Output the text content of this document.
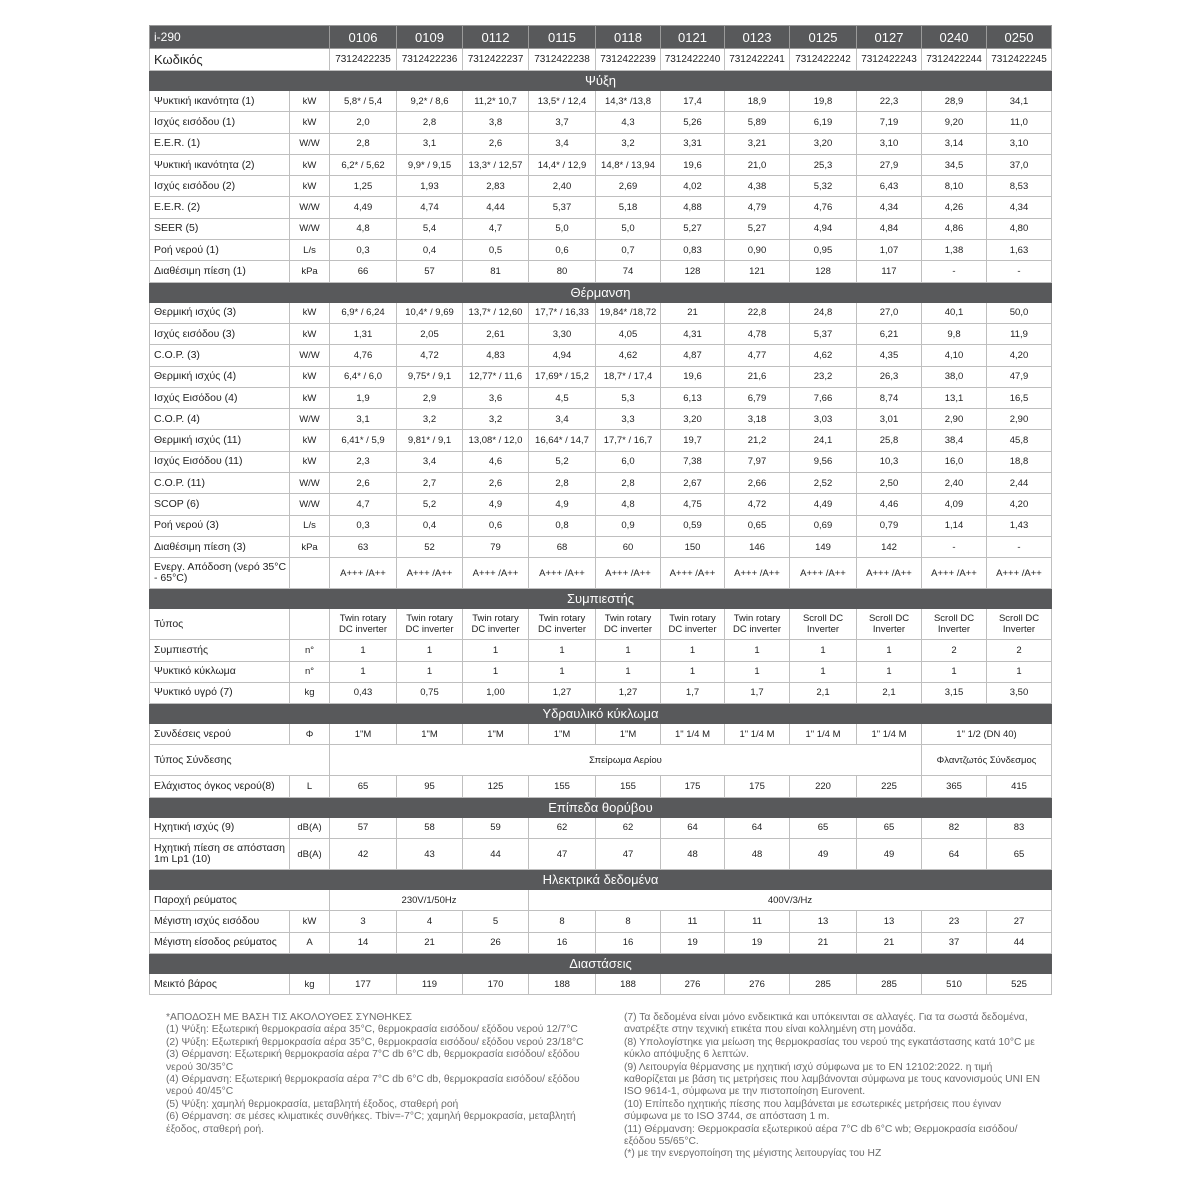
i-290		0106	0109	0112	0115	0118	0121	0123	0125	0127	0240	0250
Κωδικός		7312422235	7312422236	7312422237	7312422238	7312422239	7312422240	7312422241	7312422242	7312422243	7312422244	7312422245
Ψύξη												
Ψυκτική ικανότητα (1)	kW	5,8* / 5,4	9,2* / 8,6	11,2* 10,7	13,5* / 12,4	14,3* /13,8	17,4	18,9	19,8	22,3	28,9	34,1
Ισχύς εισόδου (1)	kW	2,0	2,8	3,8	3,7	4,3	5,26	5,89	6,19	7,19	9,20	11,0
E.E.R. (1)	W/W	2,8	3,1	2,6	3,4	3,2	3,31	3,21	3,20	3,10	3,14	3,10
Ψυκτική ικανότητα (2)	kW	6,2* / 5,62	9,9* / 9,15	13,3* / 12,57	14,4* / 12,9	14,8* / 13,94	19,6	21,0	25,3	27,9	34,5	37,0
Ισχύς εισόδου (2)	kW	1,25	1,93	2,83	2,40	2,69	4,02	4,38	5,32	6,43	8,10	8,53
E.E.R. (2)	W/W	4,49	4,74	4,44	5,37	5,18	4,88	4,79	4,76	4,34	4,26	4,34
SEER (5)	W/W	4,8	5,4	4,7	5,0	5,0	5,27	5,27	4,94	4,84	4,86	4,80
Ροή νερού (1)	L/s	0,3	0,4	0,5	0,6	0,7	0,83	0,90	0,95	1,07	1,38	1,63
Διαθέσιμη πίεση (1)	kPa	66	57	81	80	74	128	121	128	117	-	-
Θέρμανση												
Θερμική ισχύς (3)	kW	6,9* / 6,24	10,4* / 9,69	13,7* / 12,60	17,7* / 16,33	19,84* /18,72	21	22,8	24,8	27,0	40,1	50,0
Ισχύς εισόδου (3)	kW	1,31	2,05	2,61	3,30	4,05	4,31	4,78	5,37	6,21	9,8	11,9
C.O.P. (3)	W/W	4,76	4,72	4,83	4,94	4,62	4,87	4,77	4,62	4,35	4,10	4,20
Θερμική ισχύς (4)	kW	6,4* / 6,0	9,75* / 9,1	12,77* / 11,6	17,69* / 15,2	18,7* / 17,4	19,6	21,6	23,2	26,3	38,0	47,9
Ισχύς Εισόδου (4)	kW	1,9	2,9	3,6	4,5	5,3	6,13	6,79	7,66	8,74	13,1	16,5
C.O.P. (4)	W/W	3,1	3,2	3,2	3,4	3,3	3,20	3,18	3,03	3,01	2,90	2,90
Θερμική ισχύς (11)	kW	6,41* / 5,9	9,81* / 9,1	13,08* / 12,0	16,64* / 14,7	17,7* / 16,7	19,7	21,2	24,1	25,8	38,4	45,8
Ισχύς Εισόδου (11)	kW	2,3	3,4	4,6	5,2	6,0	7,38	7,97	9,56	10,3	16,0	18,8
C.O.P. (11)	W/W	2,6	2,7	2,6	2,8	2,8	2,67	2,66	2,52	2,50	2,40	2,44
SCOP (6)	W/W	4,7	5,2	4,9	4,9	4,8	4,75	4,72	4,49	4,46	4,09	4,20
Ροή νερού (3)	L/s	0,3	0,4	0,6	0,8	0,9	0,59	0,65	0,69	0,79	1,14	1,43
Διαθέσιμη πίεση (3)	kPa	63	52	79	68	60	150	146	149	142	-	-
Ενεργ. Απόδοση (νερό 35°C - 65°C)		A+++ /A++	A+++ /A++	A+++ /A++	A+++ /A++	A+++ /A++	A+++ /A++	A+++ /A++	A+++ /A++	A+++ /A++	A+++ /A++	A+++ /A++
Συμπιεστής												
Τύπος		Twin rotary DC inverter	Twin rotary DC inverter	Twin rotary DC inverter	Twin rotary DC inverter	Twin rotary DC inverter	Twin rotary DC inverter	Twin rotary DC inverter	Scroll DC Inverter	Scroll DC Inverter	Scroll DC Inverter	Scroll DC Inverter
Συμπιεστής	n°	1	1	1	1	1	1	1	1	1	2	2
Ψυκτικό κύκλωμα	n°	1	1	1	1	1	1	1	1	1	1	1
Ψυκτικό υγρό (7)	kg	0,43	0,75	1,00	1,27	1,27	1,7	1,7	2,1	2,1	3,15	3,50
Υδραυλικό κύκλωμα												
Συνδέσεις νερού	Φ	1"M	1"M	1"M	1"M	1"M	1" 1/4 M	1" 1/4 M	1" 1/4 M	1" 1/4 M	1" 1/2 (DN 40)	
Τύπος Σύνδεσης		Σπείρωμα Αερίου									Φλαντζωτός Σύνδεσμος	
Ελάχιστος όγκος νερού(8)	L	65	95	125	155	155	175	175	220	225	365	415
Επίπεδα θορύβου												
Ηχητική ισχύς (9)	dB(A)	57	58	59	62	62	64	64	65	65	82	83
Ηχητική πίεση σε απόσταση 1m Lp1 (10)	dB(A)	42	43	44	47	47	48	48	49	49	64	65
Ηλεκτρικά δεδομένα												
Παροχή ρεύματος		230V/1/50Hz			400V/3/Hz							
Μέγιστη ισχύς εισόδου	kW	3	4	5	8	8	11	11	13	13	23	27
Μέγιστη είσοδος ρεύματος	A	14	21	26	16	16	19	19	21	21	37	44
Διαστάσεις												
Μεικτό βάρος	kg	177	119	170	188	188	276	276	285	285	510	525
*ΑΠΟΔΟΣΗ ΜΕ ΒΑΣΗ ΤΙΣ ΑΚΟΛΟΥΘΕΣ ΣΥΝΘΗΚΕΣ
(1) Ψύξη: Εξωτερική θερμοκρασία αέρα 35°C, θερμοκρασία εισόδου/ εξόδου νερού 12/7°C
(2) Ψύξη: Εξωτερική θερμοκρασία αέρα 35°C, θερμοκρασία εισόδου/ εξόδου νερού 23/18°C
(3) Θέρμανση: Εξωτερική θερμοκρασία αέρα 7°C db 6°C db, θερμοκρασία εισόδου/ εξόδου νερού 30/35°C
(4) Θέρμανση: Εξωτερική θερμοκρασία αέρα 7°C db 6°C db, θερμοκρασία εισόδου/ εξόδου νερού 40/45°C
(5) Ψύξη: χαμηλή θερμοκρασία, μεταβλητή έξοδος, σταθερή ροή
(6) Θέρμανση: σε μέσες κλιματικές συνθήκες. Tbiv=-7°C; χαμηλή θερμοκρασία, μεταβλητή έξοδος, σταθερή ροή.
(7) Τα δεδομένα είναι μόνο ενδεικτικά και υπόκεινται σε αλλαγές. Για τα σωστά δεδομένα, ανατρέξτε στην τεχνική ετικέτα που είναι κολλημένη στη μονάδα.
(8) Υπολογίστηκε για μείωση της θερμοκρασίας του νερού της εγκατάστασης κατά 10°C με κύκλο απόψυξης 6 λεπτών.
(9) Λειτουργία θέρμανσης με ηχητική ισχύ σύμφωνα με το EN 12102:2022. η τιμή καθορίζεται με βάση τις μετρήσεις που λαμβάνονται σύμφωνα με τους κανονισμούς UNI EN ISO 9614-1, σύμφωνα με την πιστοποίηση Eurovent.
(10) Επίπεδο ηχητικής πίεσης που λαμβάνεται με εσωτερικές μετρήσεις που έγιναν σύμφωνα με το ISO 3744, σε απόσταση 1 m.
(11) Θέρμανση: Θερμοκρασία εξωτερικού αέρα 7°C db 6°C wb; Θερμοκρασία εισόδου/εξόδου 55/65°C.
(*) με την ενεργοποίηση της μέγιστης λειτουργίας του HZ
